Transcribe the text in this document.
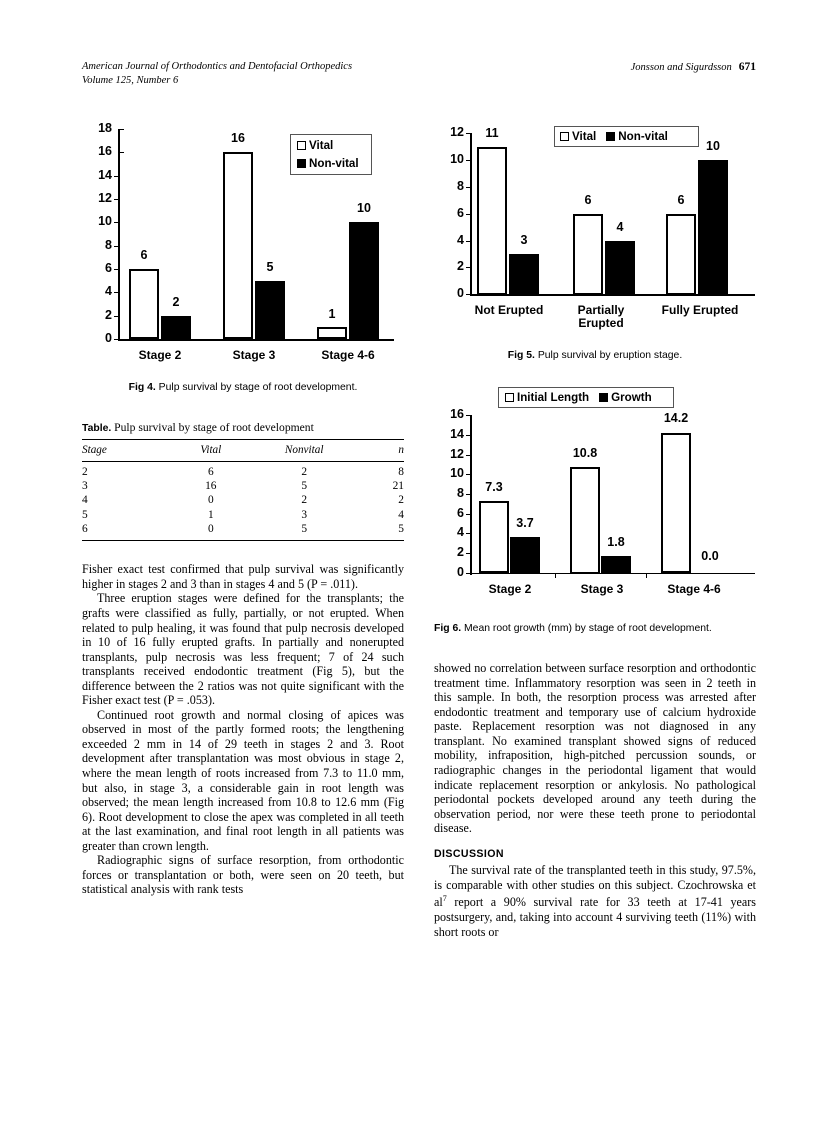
American Journal of Orthodontics and Dentofacial Orthopedics
Volume 125, Number 6
Jonsson and Sigurdsson 671
18
16
14
12
10
8
6
4
2
0
6
2
16
5
1
10
Stage 2	Stage 3	Stage 4-6
Vital
Non-vital
Fig 4. Pulp survival by stage of root development.
Table. Pulp survival by stage of root development
Stage	Vital	Nonvital	n
2	6	2	8
3	16	5	21
4	0	2	2
5	1	3	4
6	0	5	5

Fisher exact test confirmed that pulp survival was significantly higher in stages 2 and 3 than in stages 4 and 5 (P = .011).

Three eruption stages were defined for the transplants; the grafts were classified as fully, partially, or not erupted. When related to pulp healing, it was found that pulp necrosis developed in 10 of 16 fully erupted grafts. In partially and nonerupted transplants, pulp necrosis was less frequent; 7 of 24 such transplants received endodontic treatment (Fig 5), but the difference between the 2 ratios was not quite significant with the Fisher exact test (P = .053).

Continued root growth and normal closing of apices was observed in most of the partly formed roots; the lengthening exceeded 2 mm in 14 of 29 teeth in stages 2 and 3. Root development after transplantation was most obvious in stage 2, where the mean length of roots increased from 7.3 to 11.0 mm, but also, in stage 3, a considerable gain in root length was observed; the mean length increased from 10.8 to 12.6 mm (Fig 6). Root development to close the apex was completed in all teeth at the last examination, and final root length in all patients was greater than crown length.

Radiographic signs of surface resorption, from orthodontic forces or transplantation or both, were seen on 20 teeth, but statistical analysis with rank tests

12
10
8
6
4
2
0
11
3
6
4
6
10
Not Erupted	Partially
Erupted
Fully Erupted
Vital Non-vital
Fig 5. Pulp survival by eruption stage.
Initial Length Growth
16
14
12
10
8
6
4
2
0
7.3
3.7
10.8
1.8
14.2
0.0
Stage 2	Stage 3	Stage 4-6
Fig 6. Mean root growth (mm) by stage of root development.

showed no correlation between surface resorption and orthodontic treatment time. Inflammatory resorption was seen in 2 teeth in this sample. In both, the resorption process was arrested after endodontic treatment and temporary use of calcium hydroxide paste. Replacement resorption was not diagnosed in any transplant. No examined transplant showed signs of reduced mobility, infraposition, high-pitched percussion sounds, or radiographic changes in the periodontal ligament that would indicate replacement resorption or ankylosis. No pathological periodontal pockets developed around any teeth during the observation period, nor were these teeth prone to periodontal disease.

DISCUSSION

The survival rate of the transplanted teeth in this study, 97.5%, is comparable with other studies on this subject. Czochrowska et $al^7$ report a 90% survival rate for 33 teeth at 17-41 years postsurgery, and, taking into account 4 surviving teeth (11%) with short roots or
